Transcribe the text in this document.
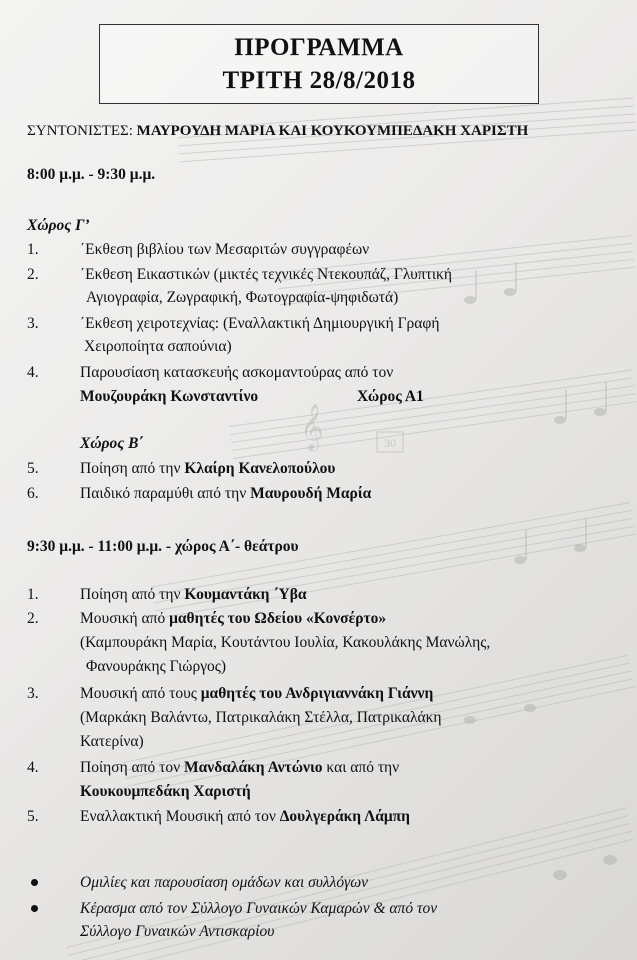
30
𝄞
ΠΡΟΓΡΑΜΜΑ
ΤΡΙΤΗ 28/8/2018
ΣΥΝΤΟΝΙΣΤΕΣ: ΜΑΥΡΟΥΔΗ ΜΑΡΙΑ ΚΑΙ ΚΟΥΚΟΥΜΠΕΔΑΚΗ ΧΑΡΙΣΤΗ
8:00 μ.μ. - 9:30 μ.μ.
Χώρος Γ’
1.	΄Εκθεση βιβλίου των Μεσαριτών συγγραφέων
2.	΄Εκθεση Εικαστικών (μικτές τεχνικές Ντεκουπάζ, Γλυπτική
Αγιογραφία, Ζωγραφική, Φωτογραφία-ψηφιδωτά)
3.	΄Εκθεση χειροτεχνίας: (Εναλλακτική Δημιουργική Γραφή
Χειροποίητα σαπούνια)
4.	Παρουσίαση κατασκευής ασκομαντούρας από τον
Μουζουράκη Κωνσταντίνο	Χώρος Α1
Χώρος Β΄
5.	Ποίηση από την Κλαίρη Κανελοπούλου
6.	Παιδικό παραμύθι από την Μαυρουδή Μαρία
9:30 μ.μ. - 11:00 μ.μ. - χώρος Α΄- θεάτρου
1.	Ποίηση από την Κουμαντάκη ΄Υβα
2.	Μουσική από μαθητές του Ωδείου «Κονσέρτο»
(Καμπουράκη Μαρία, Κουτάντου Ιουλία, Κακουλάκης Μανώλης,
Φανουράκης Γιώργος)
3.	Μουσική από τους μαθητές του Ανδριγιαννάκη Γιάννη
(Μαρκάκη Βαλάντω, Πατρικαλάκη Στέλλα, Πατρικαλάκη
Κατερίνα)
4.	Ποίηση από τον Μανδαλάκη Αντώνιο και από την
Κουκουμπεδάκη Χαριστή
5.	Εναλλακτική Μουσική από τον Δουλγεράκη Λάμπη
Ομιλίες και παρουσίαση ομάδων και συλλόγων
Κέρασμα από τον Σύλλογο Γυναικών Καμαρών & από τον
Σύλλογο Γυναικών Αντισκαρίου
